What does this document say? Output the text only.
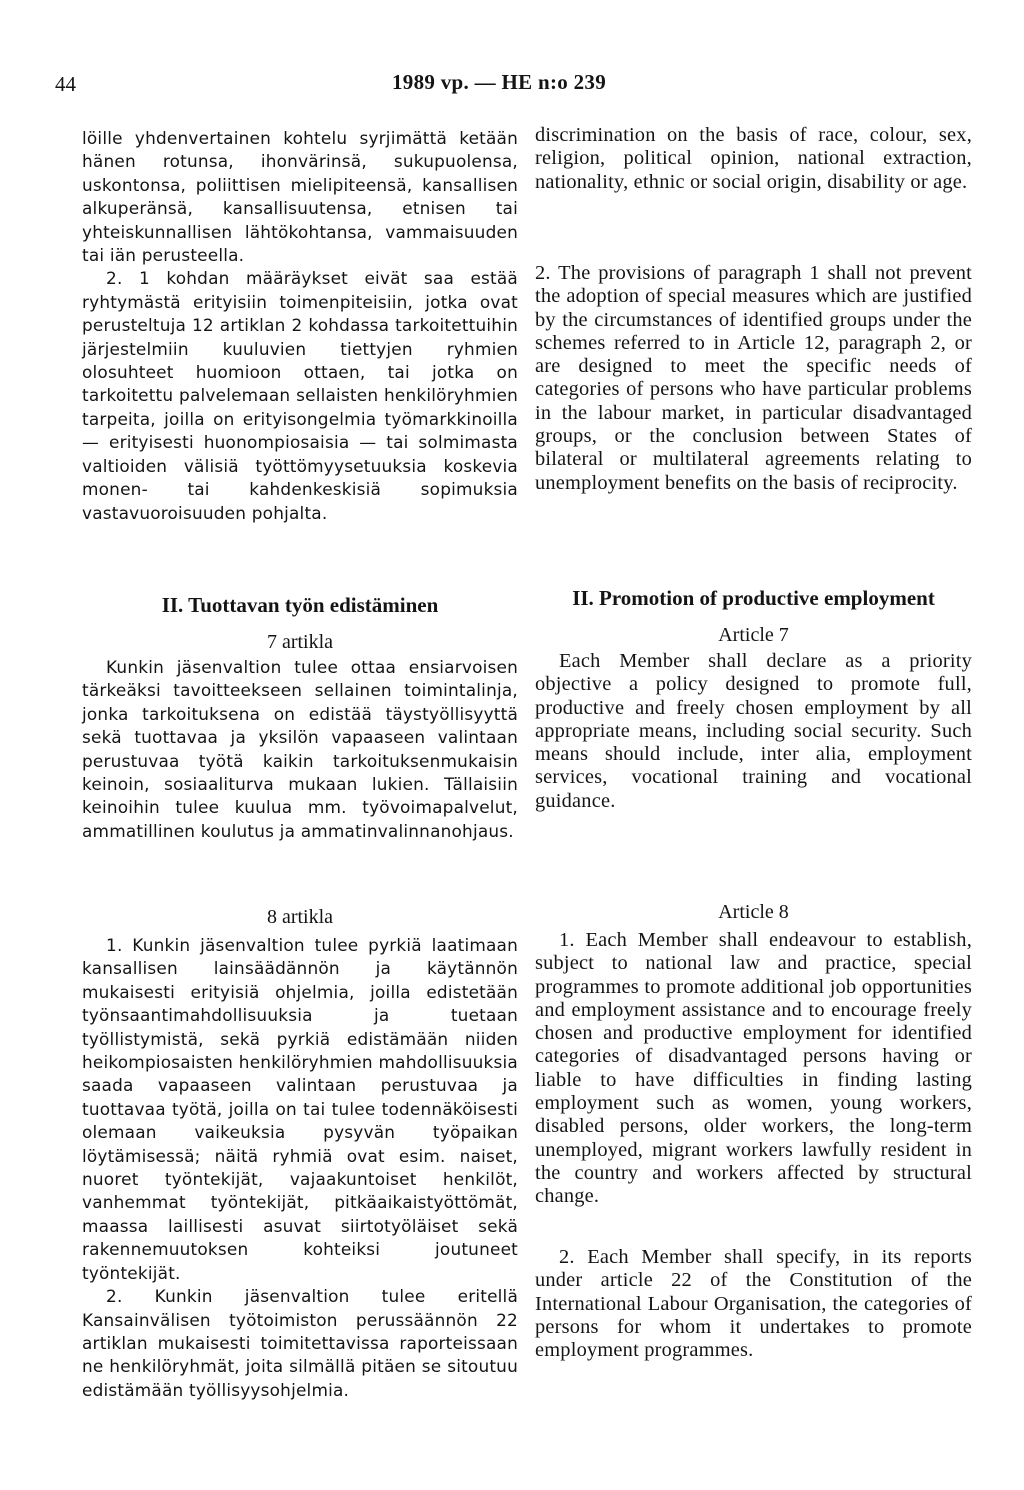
44	1989 vp. — HE n:o 239

löille yhdenvertainen kohtelu syrjimättä ketään hänen rotunsa, ihonvärinsä, sukupuolensa, uskontonsa, poliittisen mielipiteensä, kansallisen alkuperänsä, kansallisuutensa, etnisen tai yhteiskunnallisen lähtökohtansa, vammaisuuden tai iän perusteella.

2. 1 kohdan määräykset eivät saa estää ryhtymästä erityisiin toimenpiteisiin, jotka ovat perusteltuja 12 artiklan 2 kohdassa tarkoitettuihin järjestelmiin kuuluvien tiettyjen ryhmien olosuhteet huomioon ottaen, tai jotka on tarkoitettu palvelemaan sellaisten henkilöryhmien tarpeita, joilla on erityisongelmia työmarkkinoilla — erityisesti huonompiosaisia — tai solmimasta valtioiden välisiä työttömyysetuuksia koskevia monen- tai kahdenkeskisiä sopimuksia vastavuoroisuuden pohjalta.

II. Tuottavan työn edistäminen
7 artikla

Kunkin jäsenvaltion tulee ottaa ensiarvoisen tärkeäksi tavoitteekseen sellainen toimintalinja, jonka tarkoituksena on edistää täystyöllisyyttä sekä tuottavaa ja yksilön vapaaseen valintaan perustuvaa työtä kaikin tarkoituksenmukaisin keinoin, sosiaaliturva mukaan lukien. Tällaisiin keinoihin tulee kuulua mm. työvoimapalvelut, ammatillinen koulutus ja ammatinvalinnanohjaus.

8 artikla

1. Kunkin jäsenvaltion tulee pyrkiä laatimaan kansallisen lainsäädännön ja käytännön mukaisesti erityisiä ohjelmia, joilla edistetään työnsaantimahdollisuuksia ja tuetaan työllistymistä, sekä pyrkiä edistämään niiden heikompiosaisten henkilöryhmien mahdollisuuksia saada vapaaseen valintaan perustuvaa ja tuottavaa työtä, joilla on tai tulee todennäköisesti olemaan vaikeuksia pysyvän työpaikan löytämisessä; näitä ryhmiä ovat esim. naiset, nuoret työntekijät, vajaakuntoiset henkilöt, vanhemmat työntekijät, pitkäaikaistyöttömät, maassa laillisesti asuvat siirtotyöläiset sekä rakennemuutoksen kohteiksi joutuneet työntekijät.

2. Kunkin jäsenvaltion tulee eritellä Kansainvälisen työtoimiston perussäännön 22 artiklan mukaisesti toimitettavissa raporteissaan ne henkilöryhmät, joita silmällä pitäen se sitoutuu edistämään työllisyysohjelmia.

discrimination on the basis of race, colour, sex, religion, political opinion, national extraction, nationality, ethnic or social origin, disability or age.

2. The provisions of paragraph 1 shall not prevent the adoption of special measures which are justified by the circumstances of identified groups under the schemes referred to in Article 12, paragraph 2, or are designed to meet the specific needs of categories of persons who have particular problems in the labour market, in particular disadvantaged groups, or the conclusion between States of bilateral or multilateral agreements relating to unemployment benefits on the basis of reciprocity.

II. Promotion of productive employment
Article 7

Each Member shall declare as a priority objective a policy designed to promote full, productive and freely chosen employment by all appropriate means, including social security. Such means should include, inter alia, employment services, vocational training and vocational guidance.

Article 8

1. Each Member shall endeavour to establish, subject to national law and practice, special programmes to promote additional job opportunities and employment assistance and to encourage freely chosen and productive employment for identified categories of disadvantaged persons having or liable to have difficulties in finding lasting employment such as women, young workers, disabled persons, older workers, the long-term unemployed, migrant workers lawfully resident in the country and workers affected by structural change.

2. Each Member shall specify, in its reports under article 22 of the Constitution of the International Labour Organisation, the categories of persons for whom it undertakes to promote employment programmes.
